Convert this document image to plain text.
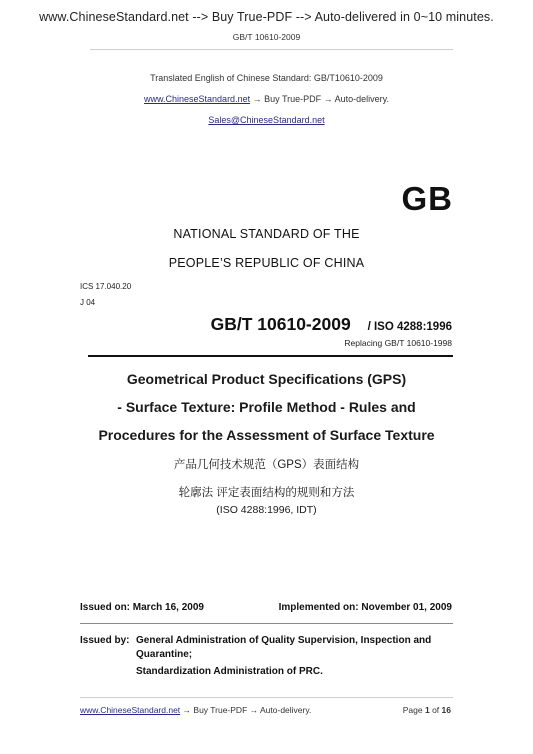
www.ChineseStandard.net --> Buy True-PDF --> Auto-delivered in 0~10 minutes.
GB/T 10610-2009
Translated English of Chinese Standard: GB/T10610-2009
www.ChineseStandard.net → Buy True-PDF → Auto-delivery.
Sales@ChineseStandard.net
GB
NATIONAL STANDARD OF THE
PEOPLE’S REPUBLIC OF CHINA
ICS 17.040.20
J 04
GB/T 10610-2009 / ISO 4288:1996
Replacing GB/T 10610-1998
Geometrical Product Specifications (GPS)
- Surface Texture: Profile Method - Rules and
Procedures for the Assessment of Surface Texture
产品几何技术规范（GPS）表面结构
轮廓法 评定表面结构的规则和方法
(ISO 4288:1996, IDT)
Issued on: March 16, 2009	Implemented on: November 01, 2009
Issued by: General Administration of Quality Supervision, Inspection and
Quarantine;
Standardization Administration of PRC.
www.ChineseStandard.net → Buy True-PDF → Auto-delivery.	Page 1 of 16
